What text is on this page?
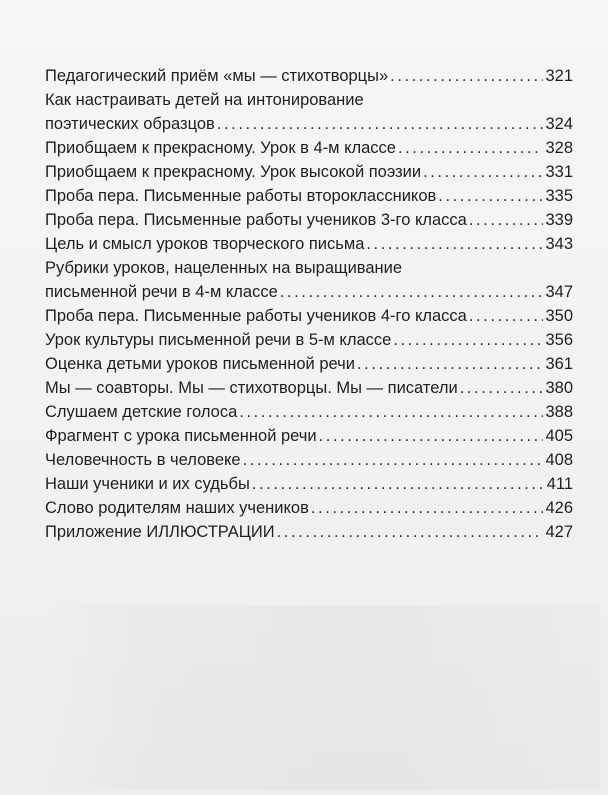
Педагогический приём «мы — стихотворцы» . . .	321
Как настраивать детей на интонирование
поэтических образцов . . .	324
Приобщаем к прекрасному. Урок в 4-м классе . . .	328
Приобщаем к прекрасному. Урок высокой поэзии . . .	331
Проба пера. Письменные работы второклассников . . .	335
Проба пера. Письменные работы учеников 3-го класса . . .	339
Цель и смысл уроков творческого письма . . .	343
Рубрики уроков, нацеленных на выращивание
письменной речи в 4-м классе . . .	347
Проба пера. Письменные работы учеников 4-го класса . . .	350
Урок культуры письменной речи в 5-м классе . . .	356
Оценка детьми уроков письменной речи . . .	361
Мы — соавторы. Мы — стихотворцы. Мы — писатели . . .	380
Слушаем детские голоса . . .	388
Фрагмент с урока письменной речи . . .	405
Человечность в человеке . . .	408
Наши ученики и их судьбы . . .	411
Слово родителям наших учеников . . .	426
Приложение ИЛЛЮСТРАЦИИ . . .	427
